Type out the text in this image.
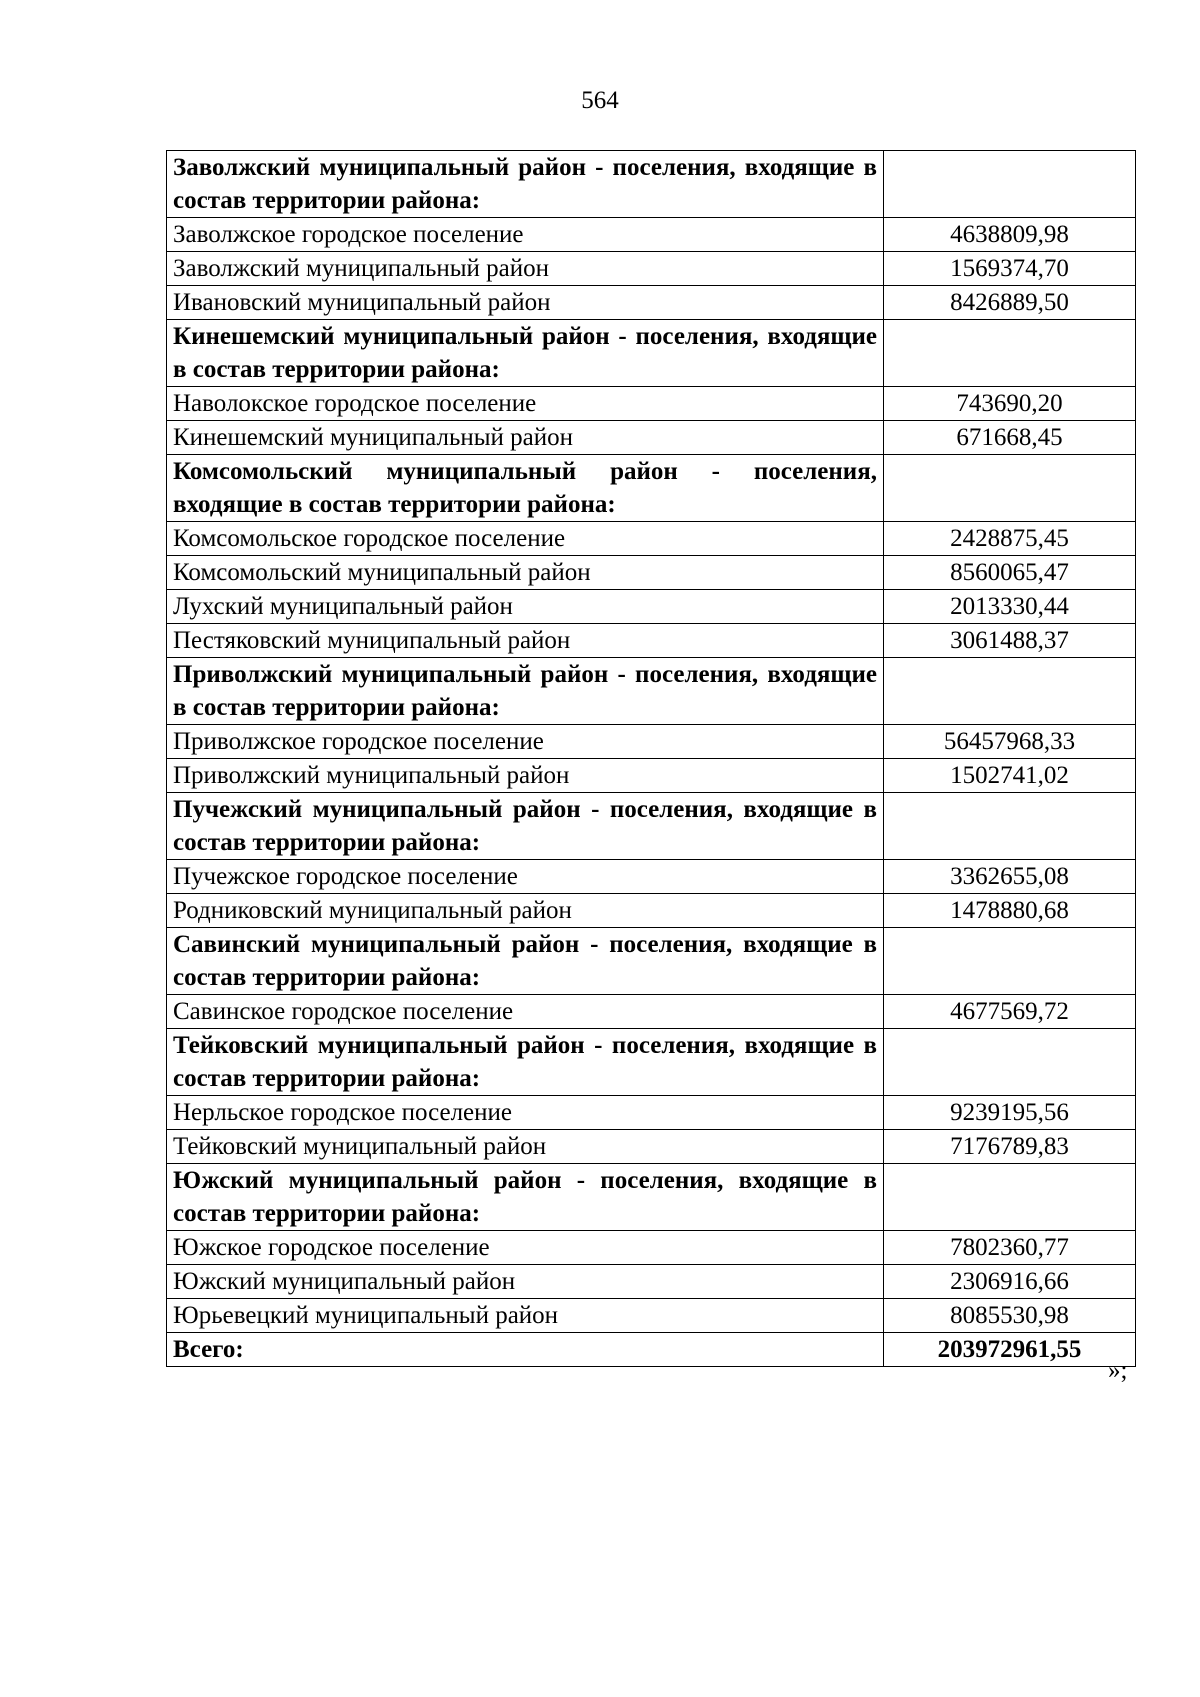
564
Заволжский муниципальный район - поселения, входящие в состав территории района:	
Заволжское городское поселение	4638809,98
Заволжский муниципальный район	1569374,70
Ивановский муниципальный район	8426889,50
Кинешемский муниципальный район - поселения, входящие в состав территории района:	
Наволокское городское поселение	743690,20
Кинешемский муниципальный район	671668,45
Комсомольский муниципальный район - поселения, входящие в состав территории района:	
Комсомольское городское поселение	2428875,45
Комсомольский муниципальный район	8560065,47
Лухский муниципальный район	2013330,44
Пестяковский муниципальный район	3061488,37
Приволжский муниципальный район - поселения, входящие в состав территории района:	
Приволжское городское поселение	56457968,33
Приволжский муниципальный район	1502741,02
Пучежский муниципальный район - поселения, входящие в состав территории района:	
Пучежское городское поселение	3362655,08
Родниковский муниципальный район	1478880,68
Савинский муниципальный район - поселения, входящие в состав территории района:	
Савинское городское поселение	4677569,72
Тейковский муниципальный район - поселения, входящие в состав территории района:	
Нерльское городское поселение	9239195,56
Тейковский муниципальный район	7176789,83
Южский муниципальный район - поселения, входящие в состав территории района:	
Южское городское поселение	7802360,77
Южский муниципальный район	2306916,66
Юрьевецкий муниципальный район	8085530,98
Всего:	203972961,55
»;
